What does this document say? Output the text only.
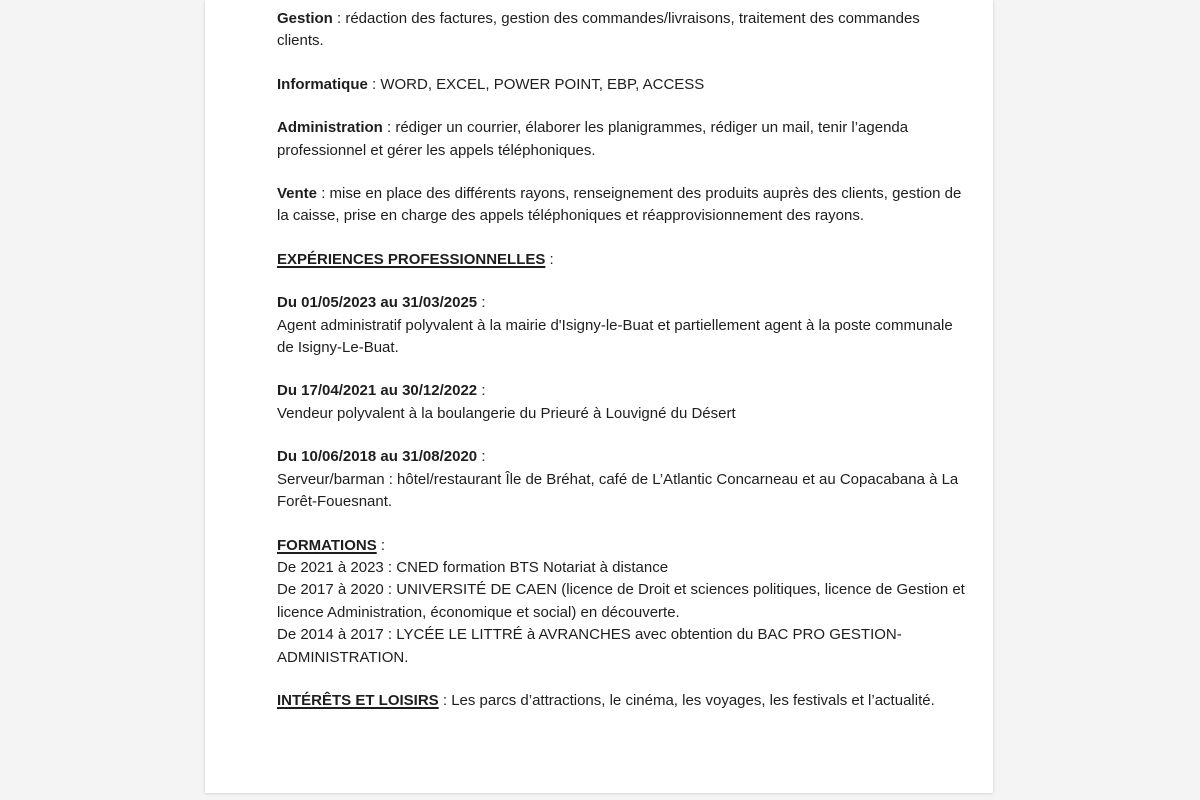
Gestion : rédaction des factures, gestion des commandes/livraisons, traitement des commandes clients.

Informatique : WORD, EXCEL, POWER POINT, EBP, ACCESS

Administration : rédiger un courrier, élaborer les planigrammes, rédiger un mail, tenir l’agenda professionnel et gérer les appels téléphoniques.

Vente : mise en place des différents rayons, renseignement des produits auprès des clients, gestion de la caisse, prise en charge des appels téléphoniques et réapprovisionnement des rayons.

EXPÉRIENCES PROFESSIONNELLES :

Du 01/05/2023 au 31/03/2025 :

Agent administratif polyvalent à la mairie d'Isigny-le-Buat et partiellement agent à la poste communale de Isigny-Le-Buat.

Du 17/04/2021 au 30/12/2022 :

Vendeur polyvalent à la boulangerie du Prieuré à Louvigné du Désert

Du 10/06/2018 au 31/08/2020 :

Serveur/barman : hôtel/restaurant Île de Bréhat, café de L’Atlantic Concarneau et au Copacabana à La Forêt-Fouesnant.

FORMATIONS :

De 2021 à 2023 : CNED formation BTS Notariat à distance

De 2017 à 2020 : UNIVERSITÉ DE CAEN (licence de Droit et sciences politiques, licence de Gestion et licence Administration, économique et social) en découverte.

De 2014 à 2017 : LYCÉE LE LITTRÉ à AVRANCHES avec obtention du BAC PRO GESTION-ADMINISTRATION.

INTÉRÊTS ET LOISIRS : Les parcs d’attractions, le cinéma, les voyages, les festivals et l’actualité.
